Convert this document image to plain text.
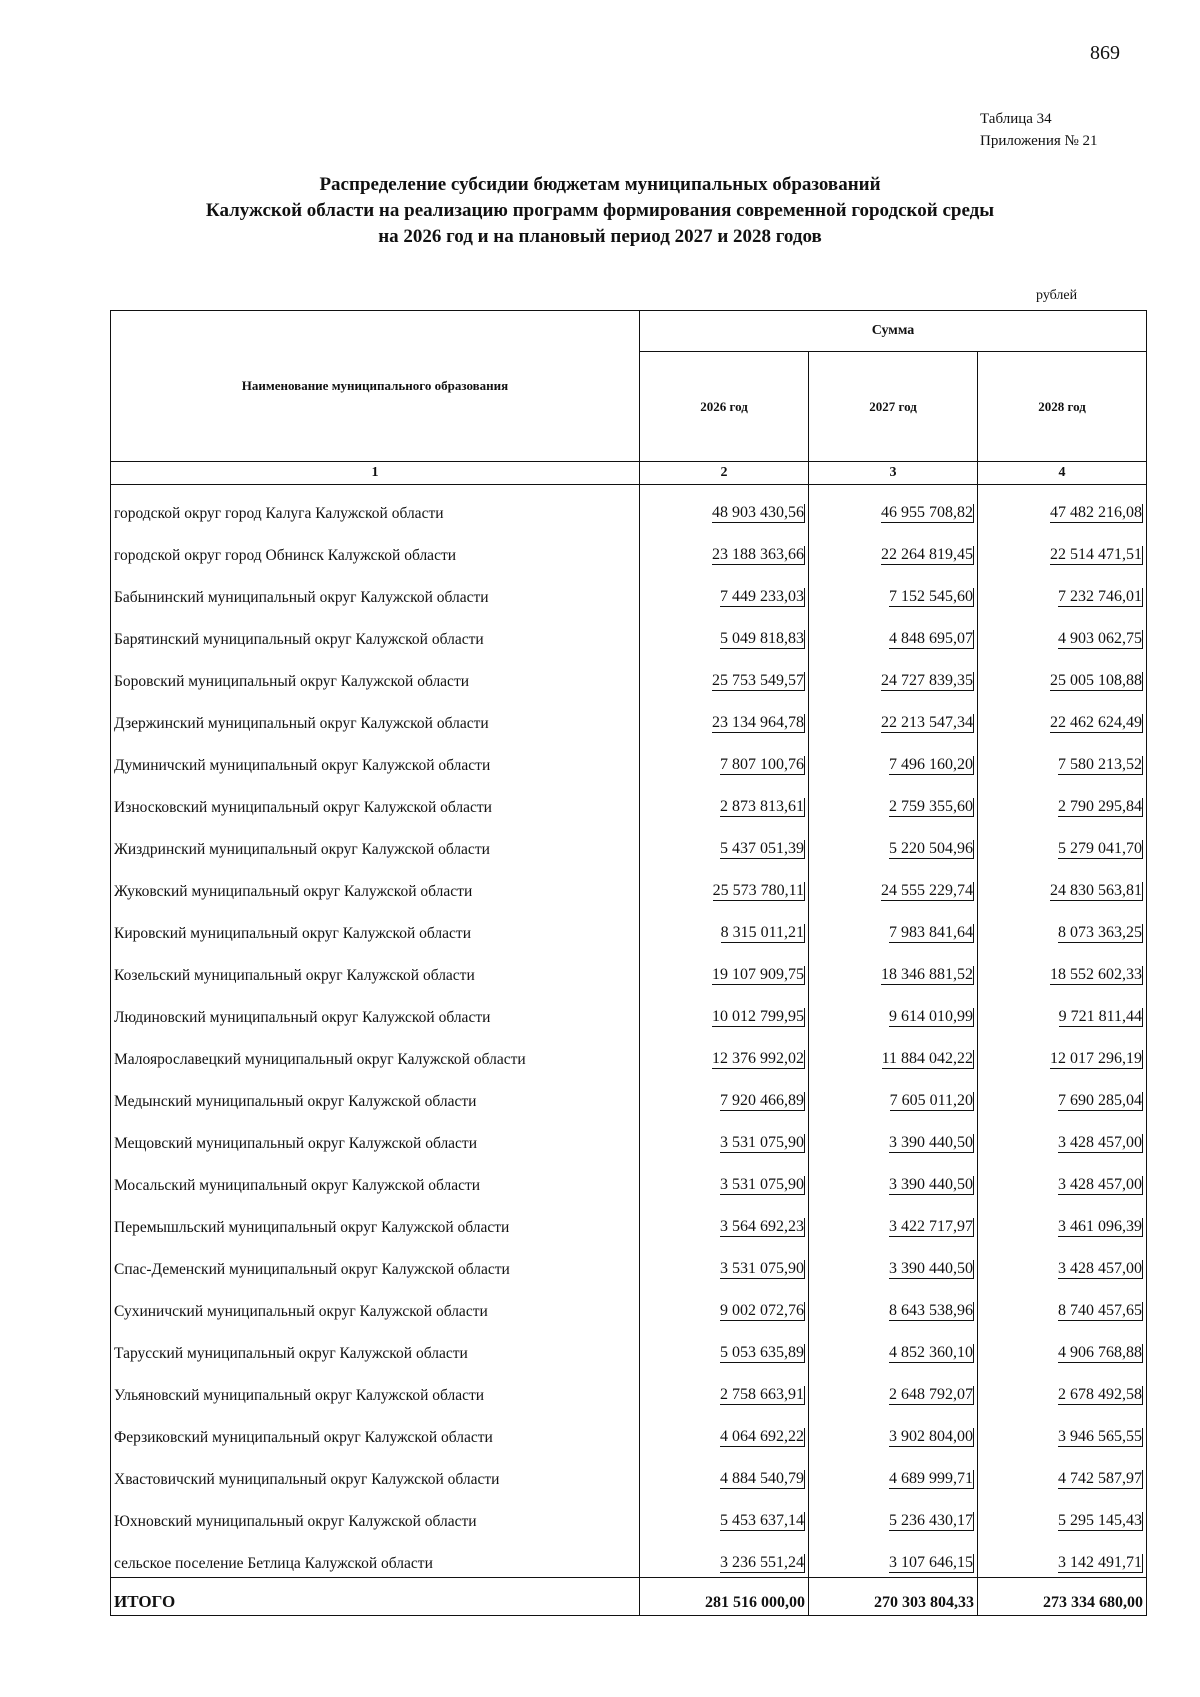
869
Таблица 34
Приложения № 21
Распределение субсидии бюджетам муниципальных образований
Калужской области на реализацию программ формирования современной городской среды
на 2026 год и на плановый период 2027 и 2028 годов
рублей
Наименование муниципального образования	Сумма		
	2026 год	2027 год	2028 год
1	2	3	4
городской округ город Калуга Калужской области	48 903 430,56	46 955 708,82	47 482 216,08
городской округ город Обнинск Калужской области	23 188 363,66	22 264 819,45	22 514 471,51
Бабынинский муниципальный округ Калужской области	7 449 233,03	7 152 545,60	7 232 746,01
Барятинский муниципальный округ Калужской области	5 049 818,83	4 848 695,07	4 903 062,75
Боровский муниципальный округ Калужской области	25 753 549,57	24 727 839,35	25 005 108,88
Дзержинский муниципальный округ Калужской области	23 134 964,78	22 213 547,34	22 462 624,49
Думиничский муниципальный округ Калужской области	7 807 100,76	7 496 160,20	7 580 213,52
Износковский муниципальный округ Калужской области	2 873 813,61	2 759 355,60	2 790 295,84
Жиздринский муниципальный округ Калужской области	5 437 051,39	5 220 504,96	5 279 041,70
Жуковский муниципальный округ Калужской области	25 573 780,11	24 555 229,74	24 830 563,81
Кировский муниципальный округ Калужской области	8 315 011,21	7 983 841,64	8 073 363,25
Козельский муниципальный округ Калужской области	19 107 909,75	18 346 881,52	18 552 602,33
Людиновский муниципальный округ Калужской области	10 012 799,95	9 614 010,99	9 721 811,44
Малоярославецкий муниципальный округ Калужской области	12 376 992,02	11 884 042,22	12 017 296,19
Медынский муниципальный округ Калужской области	7 920 466,89	7 605 011,20	7 690 285,04
Мещовский муниципальный округ Калужской области	3 531 075,90	3 390 440,50	3 428 457,00
Мосальский муниципальный округ Калужской области	3 531 075,90	3 390 440,50	3 428 457,00
Перемышльский муниципальный округ Калужской области	3 564 692,23	3 422 717,97	3 461 096,39
Спас-Деменский муниципальный округ Калужской области	3 531 075,90	3 390 440,50	3 428 457,00
Сухиничский муниципальный округ Калужской области	9 002 072,76	8 643 538,96	8 740 457,65
Тарусский муниципальный округ Калужской области	5 053 635,89	4 852 360,10	4 906 768,88
Ульяновский муниципальный округ Калужской области	2 758 663,91	2 648 792,07	2 678 492,58
Ферзиковский муниципальный округ Калужской области	4 064 692,22	3 902 804,00	3 946 565,55
Хвастовичский муниципальный округ Калужской области	4 884 540,79	4 689 999,71	4 742 587,97
Юхновский муниципальный округ Калужской области	5 453 637,14	5 236 430,17	5 295 145,43
сельское поселение Бетлица Калужской области	3 236 551,24	3 107 646,15	3 142 491,71
ИТОГО	281 516 000,00	270 303 804,33	273 334 680,00
